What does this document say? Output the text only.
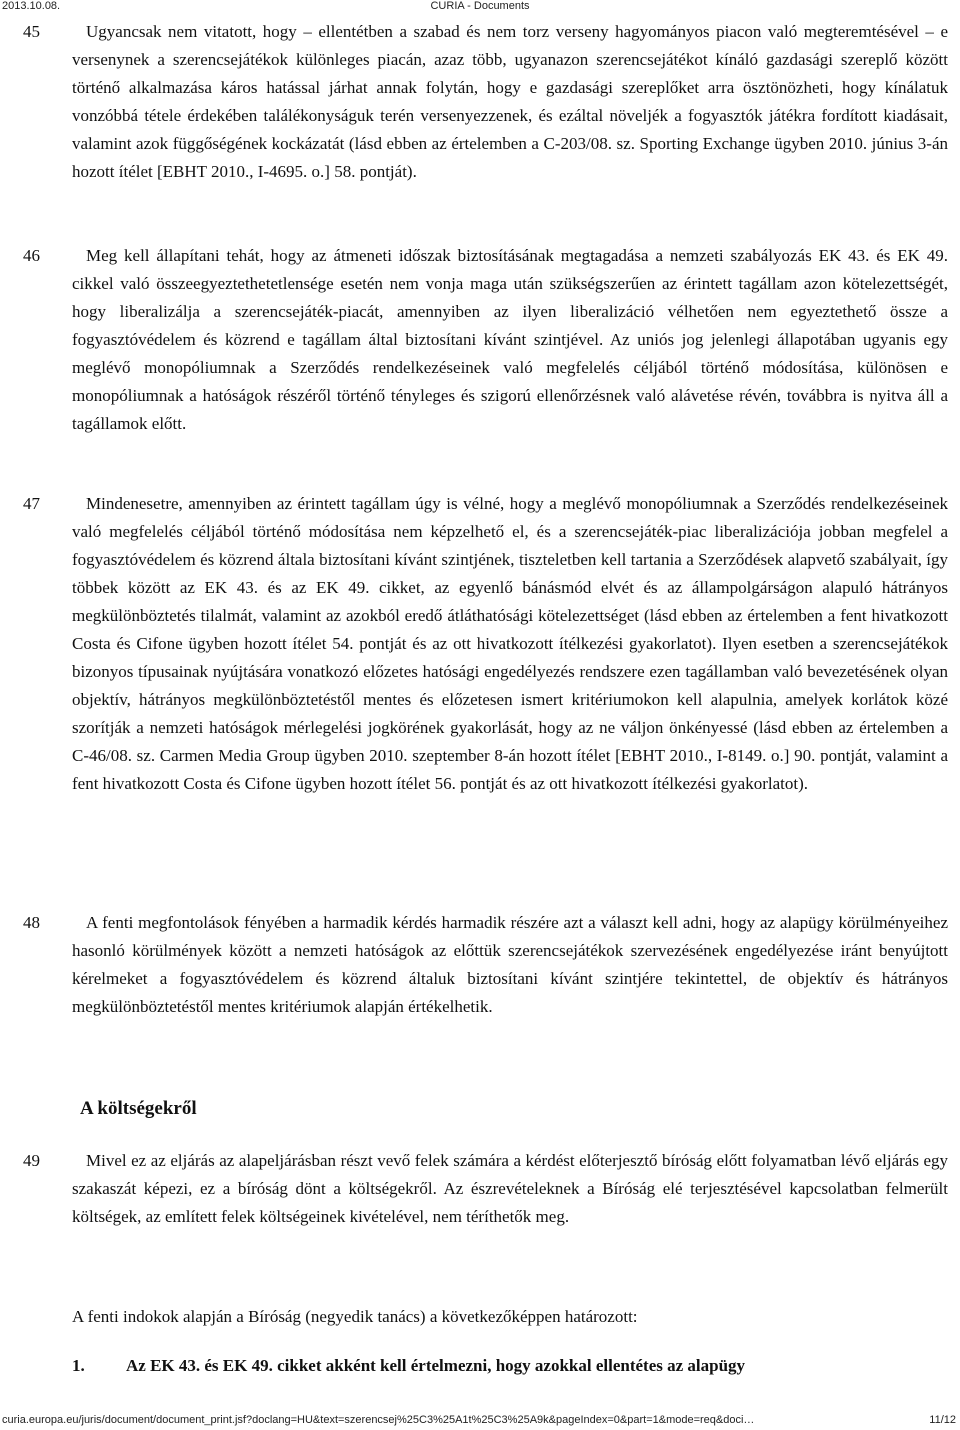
2013.10.08.	CURIA - Documents
45	Ugyancsak nem vitatott, hogy – ellentétben a szabad és nem torz verseny hagyományos piacon való megteremtésével – e versenynek a szerencsejátékok különleges piacán, azaz több, ugyanazon szerencsejátékot kínáló gazdasági szereplő között történő alkalmazása káros hatással járhat annak folytán, hogy e gazdasági szereplőket arra ösztönözheti, hogy kínálatuk vonzóbbá tétele érdekében találékonyságuk terén versenyezzenek, és ezáltal növeljék a fogyasztók játékra fordított kiadásait, valamint azok függőségének kockázatát (lásd ebben az értelemben a C‑203/08. sz. Sporting Exchange ügyben 2010. június 3‑án hozott ítélet [EBHT 2010., I‑4695. o.] 58. pontját).
46	Meg kell állapítani tehát, hogy az átmeneti időszak biztosításának megtagadása a nemzeti szabályozás EK 43. és EK 49. cikkel való összeegyeztethetetlensége esetén nem vonja maga után szükségszerűen az érintett tagállam azon kötelezettségét, hogy liberalizálja a szerencsejáték‑piacát, amennyiben az ilyen liberalizáció vélhetően nem egyeztethető össze a fogyasztóvédelem és közrend e tagállam által biztosítani kívánt szintjével. Az uniós jog jelenlegi állapotában ugyanis egy meglévő monopóliumnak a Szerződés rendelkezéseinek való megfelelés céljából történő módosítása, különösen e monopóliumnak a hatóságok részéről történő tényleges és szigorú ellenőrzésnek való alávetése révén, továbbra is nyitva áll a tagállamok előtt.
47	Mindenesetre, amennyiben az érintett tagállam úgy is vélné, hogy a meglévő monopóliumnak a Szerződés rendelkezéseinek való megfelelés céljából történő módosítása nem képzelhető el, és a szerencsejáték‑piac liberalizációja jobban megfelel a fogyasztóvédelem és közrend általa biztosítani kívánt szintjének, tiszteletben kell tartania a Szerződések alapvető szabályait, így többek között az EK 43. és az EK 49. cikket, az egyenlő bánásmód elvét és az állampolgárságon alapuló hátrányos megkülönböztetés tilalmát, valamint az azokból eredő átláthatósági kötelezettséget (lásd ebben az értelemben a fent hivatkozott Costa és Cifone ügyben hozott ítélet 54. pontját és az ott hivatkozott ítélkezési gyakorlatot). Ilyen esetben a szerencsejátékok bizonyos típusainak nyújtására vonatkozó előzetes hatósági engedélyezés rendszere ezen tagállamban való bevezetésének olyan objektív, hátrányos megkülönböztetéstől mentes és előzetesen ismert kritériumokon kell alapulnia, amelyek korlátok közé szorítják a nemzeti hatóságok mérlegelési jogkörének gyakorlását, hogy az ne váljon önkényessé (lásd ebben az értelemben a C‑46/08. sz. Carmen Media Group ügyben 2010. szeptember 8‑án hozott ítélet [EBHT 2010., I‑8149. o.] 90. pontját, valamint a fent hivatkozott Costa és Cifone ügyben hozott ítélet 56. pontját és az ott hivatkozott ítélkezési gyakorlatot).
48	A fenti megfontolások fényében a harmadik kérdés harmadik részére azt a választ kell adni, hogy az alapügy körülményeihez hasonló körülmények között a nemzeti hatóságok az előttük szerencsejátékok szervezésének engedélyezése iránt benyújtott kérelmeket a fogyasztóvédelem és közrend általuk biztosítani kívánt szintjére tekintettel, de objektív és hátrányos megkülönböztetéstől mentes kritériumok alapján értékelhetik.
A költségekről
49	Mivel ez az eljárás az alapeljárásban részt vevő felek számára a kérdést előterjesztő bíróság előtt folyamatban lévő eljárás egy szakaszát képezi, ez a bíróság dönt a költségekről. Az észrevételeknek a Bíróság elé terjesztésével kapcsolatban felmerült költségek, az említett felek költségeinek kivételével, nem téríthetők meg.
A fenti indokok alapján a Bíróság (negyedik tanács) a következőképpen határozott:
1. Az EK 43. és EK 49. cikket akként kell értelmezni, hogy azokkal ellentétes az alapügy
curia.europa.eu/juris/document/document_print.jsf?doclang=HU&text=szerencsej%25C3%25A1t%25C3%25A9k&pageIndex=0&part=1&mode=req&doci…	11/12
